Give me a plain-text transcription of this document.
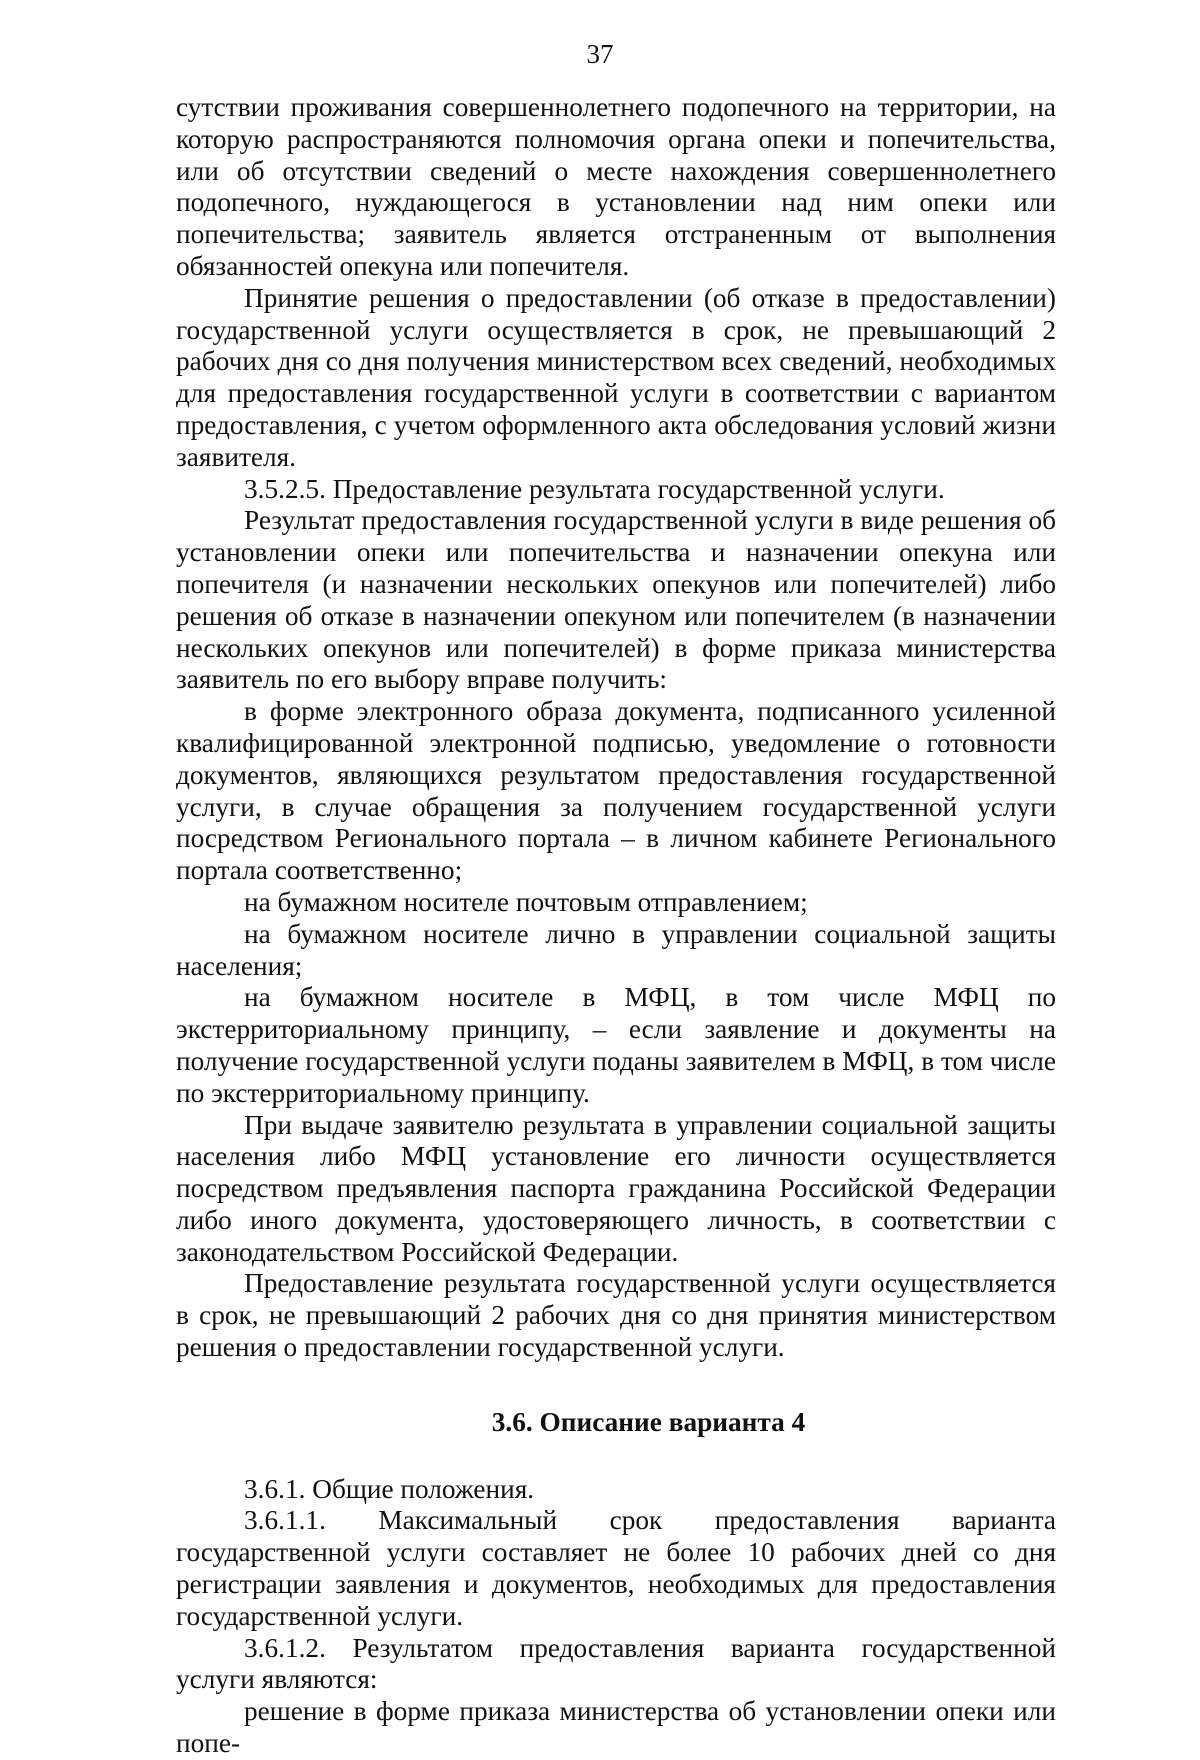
37

сутствии проживания совершеннолетнего подопечного на территории, на которую распространяются полномочия органа опеки и попечительства, или об отсутствии сведений о месте нахождения совершеннолетнего подопечного, нуждающегося в установлении над ним опеки или попечительства; заявитель является отстраненным от выполнения обязанностей опекуна или попечителя.

Принятие решения о предоставлении (об отказе в предоставлении) государственной услуги осуществляется в срок, не превышающий 2 рабочих дня со дня получения министерством всех сведений, необходимых для предоставления государственной услуги в соответствии с вариантом предоставления, с учетом оформленного акта обследования условий жизни заявителя.

3.5.2.5. Предоставление результата государственной услуги.

Результат предоставления государственной услуги в виде решения об установлении опеки или попечительства и назначении опекуна или попечителя (и назначении нескольких опекунов или попечителей) либо решения об отказе в назначении опекуном или попечителем (в назначении нескольких опекунов или попечителей) в форме приказа министерства заявитель по его выбору вправе получить:

в форме электронного образа документа, подписанного усиленной квалифицированной электронной подписью, уведомление о готовности документов, являющихся результатом предоставления государственной услуги, в случае обращения за получением государственной услуги посредством Регионального портала – в личном кабинете Регионального портала соответственно;

на бумажном носителе почтовым отправлением;

на бумажном носителе лично в управлении социальной защиты населения;

на бумажном носителе в МФЦ, в том числе МФЦ по экстерриториальному принципу, – если заявление и документы на получение государственной услуги поданы заявителем в МФЦ, в том числе по экстерриториальному принципу.

При выдаче заявителю результата в управлении социальной защиты населения либо МФЦ установление его личности осуществляется посредством предъявления паспорта гражданина Российской Федерации либо иного документа, удостоверяющего личность, в соответствии с законодательством Российской Федерации.

Предоставление результата государственной услуги осуществляется в срок, не превышающий 2 рабочих дня со дня принятия министерством решения о предоставлении государственной услуги.

3.6. Описание варианта 4

3.6.1. Общие положения.

3.6.1.1. Максимальный срок предоставления варианта государственной услуги составляет не более 10 рабочих дней со дня регистрации заявления и документов, необходимых для предоставления государственной услуги.

3.6.1.2. Результатом предоставления варианта государственной услуги являются:

решение в форме приказа министерства об установлении опеки или попе-
